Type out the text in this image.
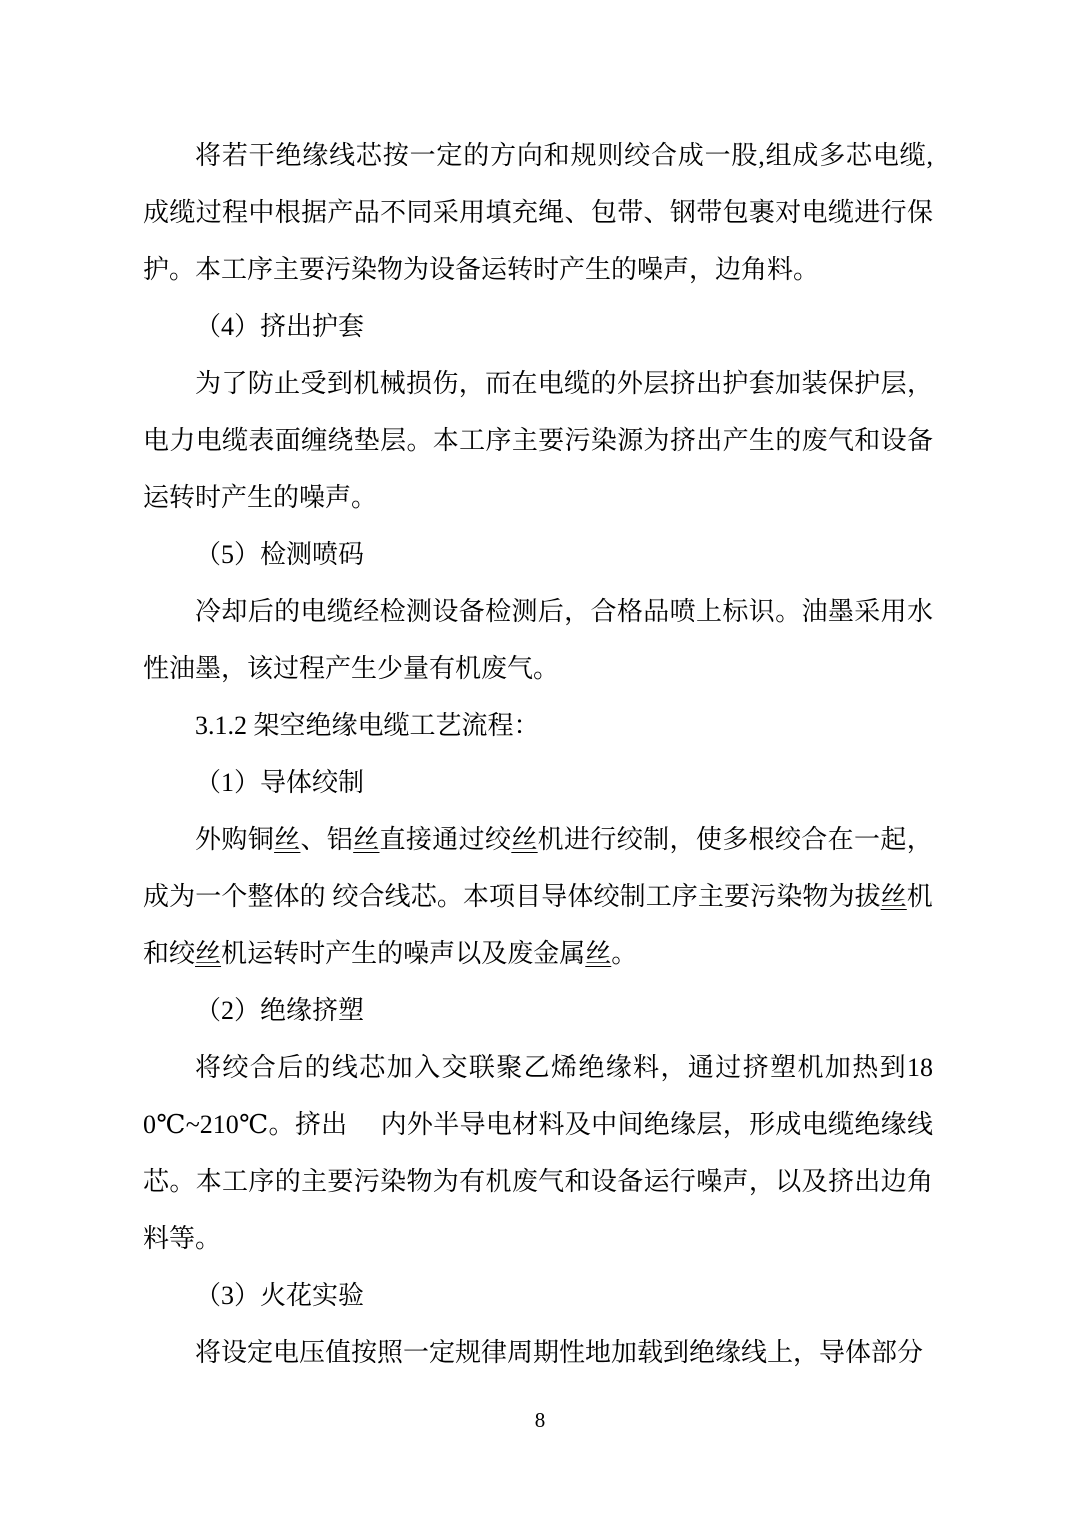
将若干绝缘线芯按一定的方向和规则绞合成一股,组成多芯电缆,成缆过程中根据产品不同采用填充绳、包带、钢带包裹对电缆进行保护。本工序主要污染物为设备运转时产生的噪声，边角料。

（4）挤出护套

为了防止受到机械损伤，而在电缆的外层挤出护套加装保护层，电力电缆表面缠绕垫层。本工序主要污染源为挤出产生的废气和设备运转时产生的噪声。

（5）检测喷码

冷却后的电缆经检测设备检测后，合格品喷上标识。油墨采用水性油墨，该过程产生少量有机废气。

3.1.2 架空绝缘电缆工艺流程：

（1）导体绞制

外购铜丝、铝丝直接通过绞丝机进行绞制，使多根绞合在一起，成为一个整体的 绞合线芯。本项目导体绞制工序主要污染物为拔丝机和绞丝机运转时产生的噪声以及废金属丝。

（2）绝缘挤塑

将绞合后的线芯加入交联聚乙烯绝缘料，通过挤塑机加热到180℃~210℃。挤出　 内外半导电材料及中间绝缘层，形成电缆绝缘线芯。本工序的主要污染物为有机废气和设备运行噪声，以及挤出边角料等。

（3）火花实验

将设定电压值按照一定规律周期性地加载到绝缘线上，导体部分

8
